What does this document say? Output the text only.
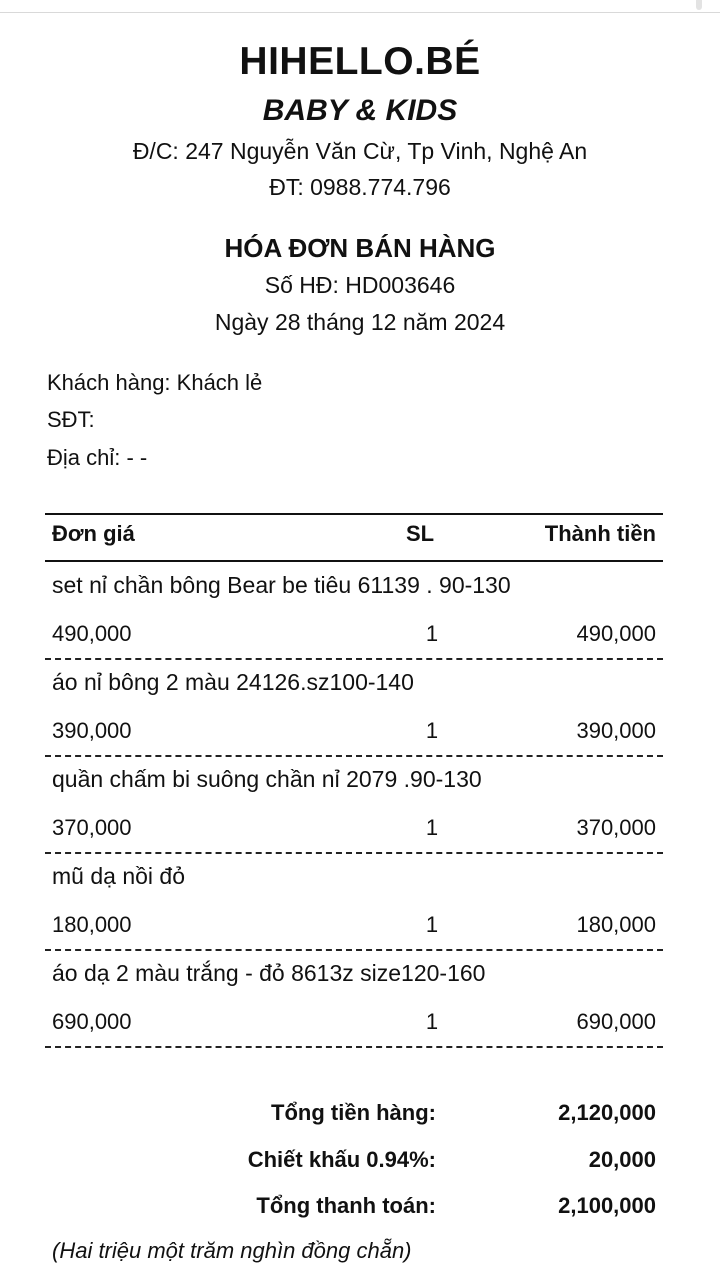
HIHELLO.BÉ
BABY & KIDS
Đ/C: 247 Nguyễn Văn Cừ, Tp Vinh, Nghệ An
ĐT: 0988.774.796
HÓA ĐƠN BÁN HÀNG
Số HĐ: HD003646
Ngày 28 tháng 12 năm 2024
Khách hàng: Khách lẻ
SĐT:
Địa chỉ: - -
Đơn giá	SL	Thành tiền
set nỉ chần bông Bear be tiêu 61139 . 90-130
490,000	1	490,000
áo nỉ bông 2 màu 24126.sz100-140
390,000	1	390,000
quần chấm bi suông chần nỉ 2079 .90-130
370,000	1	370,000
mũ dạ nồi đỏ
180,000	1	180,000
áo dạ 2 màu trắng - đỏ 8613z size120-160
690,000	1	690,000
Tổng tiền hàng:	2,120,000
Chiết khấu 0.94%:	20,000
Tổng thanh toán:	2,100,000
(Hai triệu một trăm nghìn đồng chẵn)
